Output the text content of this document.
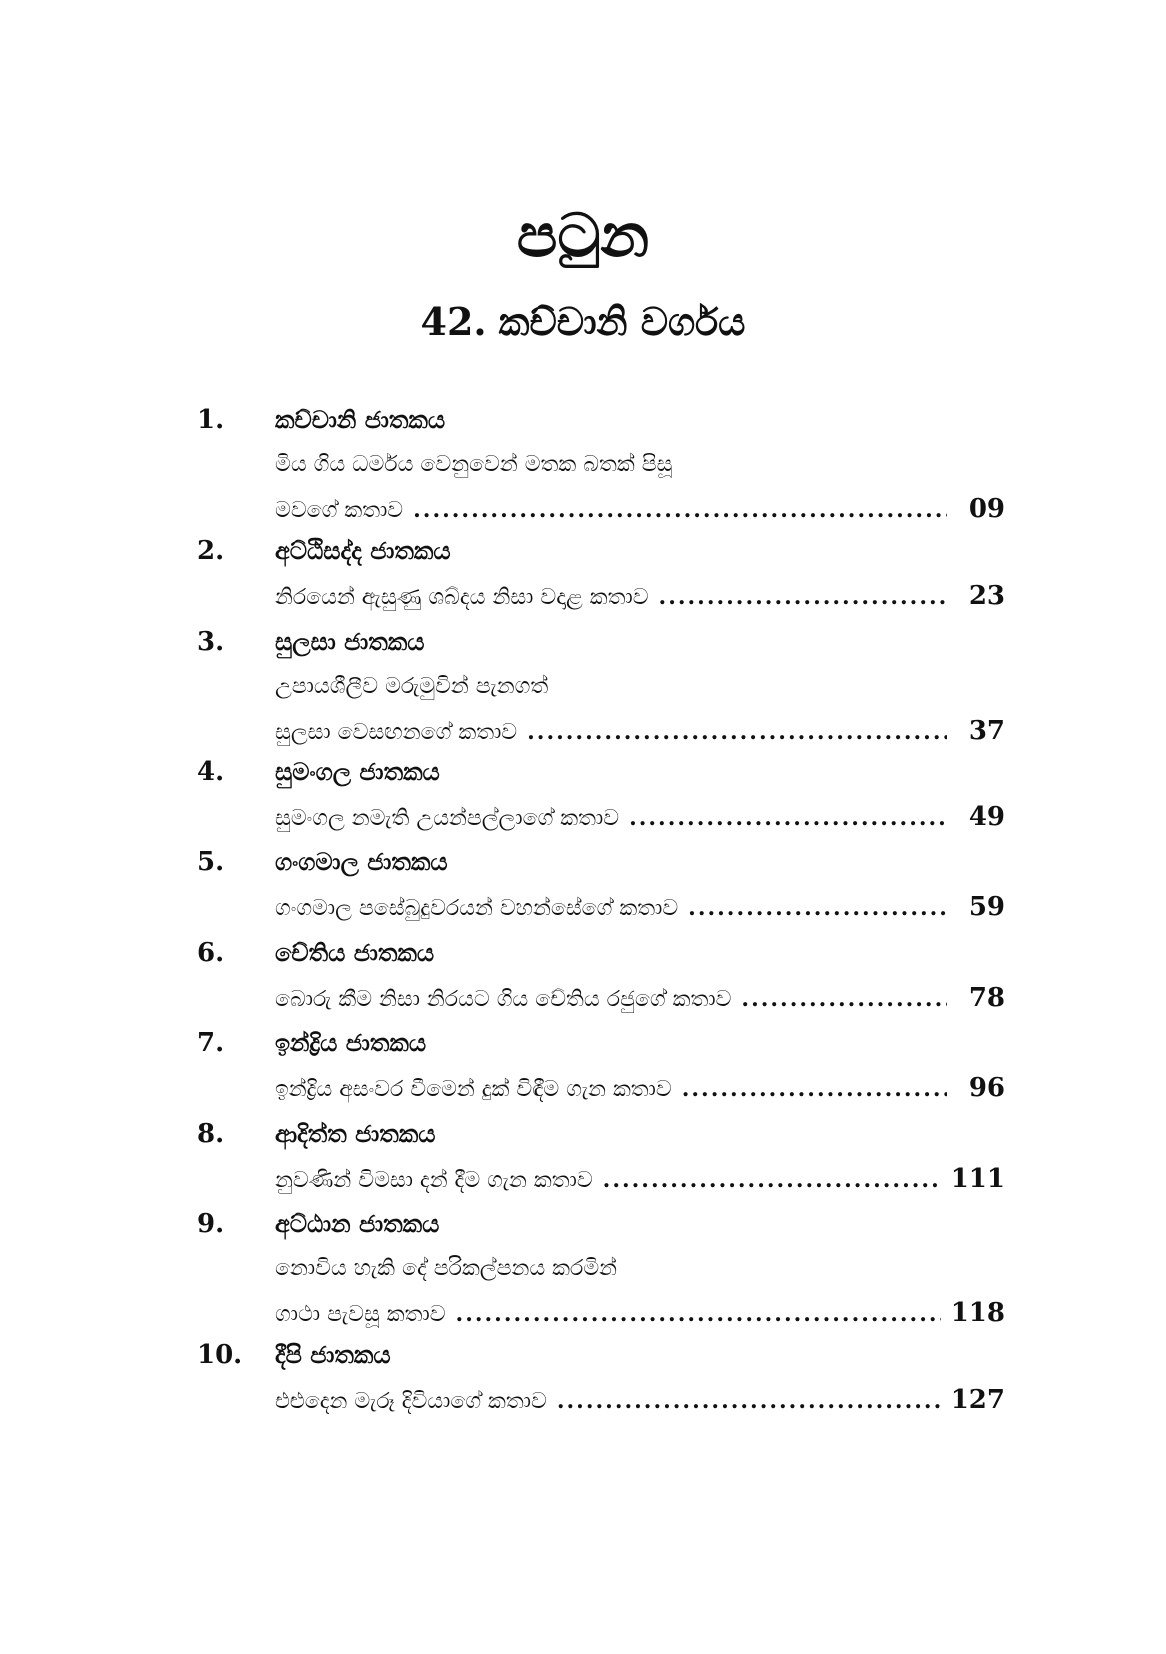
පටුන
42. කච්චානි වර්ගය
1. කච්චානි ජාතකය
මිය ගිය ධර්මය වෙනුවෙන් මතක බතක් පිසූ
මවගේ කතාව .....	09
2. අට්ඨිසද්ද ජාතකය
නිරයෙන් ඇසුණු ශබ්දය නිසා වදාළ කතාව .....	23
3. සුලසා ජාතකය
උපායශීලීව මරුමුවින් පැනගත්
සුලසා වෙසඟනගේ කතාව .....	37
4. සුමංගල ජාතකය
සුමංගල නමැති උයන්පල්ලාගේ කතාව .....	49
5. ගංගමාල ජාතකය
ගංගමාල පසේබුදුවරයන් වහන්සේගේ කතාව .....	59
6. චේතිය ජාතකය
බොරු කීම නිසා නිරයට ගිය චේතිය රජුගේ කතාව .....	78
7. ඉන්ද්‍රිය ජාතකය
ඉන්ද්‍රිය අසංවර වීමෙන් දුක් විඳීම ගැන කතාව .....	96
8. ආදිත්ත ජාතකය
නුවණින් විමසා දන් දීම ගැන කතාව .....	111
9. අට්ඨාන ජාතකය
නොවිය හැකි දේ පරිකල්පනය කරමින්
ගාථා පැවසූ කතාව .....	118
10. දීපි ජාතකය
එළුදෙන මැරූ දිවියාගේ කතාව .....	127
